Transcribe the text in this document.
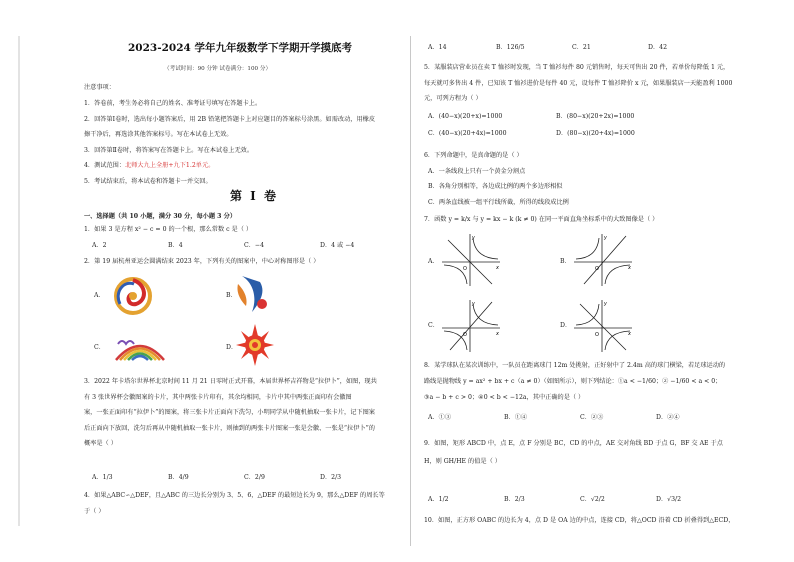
2023-2024 学年九年级数学下学期开学摸底考
（考试时间：90 分钟 试卷满分：100 分）
注意事项：
1．答卷前，考生务必将自己的姓名、准考证号填写在答题卡上。
2．回答第Ⅰ卷时，选出每小题答案后，用 2B 铅笔把答题卡上对应题目的答案标号涂黑。如需改动，用橡皮
擦干净后，再选涂其他答案标号。写在本试卷上无效。
3．回答第Ⅱ卷时，将答案写在答题卡上。写在本试卷上无效。
4．测试范围：北师大九上全册+九下1.2单元。
5．考试结束后，将本试卷和答题卡一并交回。
第 Ⅰ 卷
一、选择题（共 10 小题，满分 30 分，每小题 3 分）
1．如果 3 是方程 x² − c = 0 的一个根，那么常数 c 是（ ）
A．2	B．4	C．−4	D．4 或 −4
2．第 19 届杭州亚运会圆满结束 2023 年，下列有关的图案中，中心对称图形是（ ）
A．	B．
C．	D．
3．2022 年卡塔尔世界杯北京时间 11 月 21 日零时正式开幕，本届世界杯吉祥物是“拉伊卜”，如图，现共
有 3 张世界杯会徽图案的卡片，其中两张卡片印有，其余均相同，卡片中其中两张正面印有会徽图
案，一张正面印有“拉伊卜”的图案，将三张卡片正面向下洗匀，小明同学从中随机抽取一张卡片，记下图案
后正面向下放回，洗匀后再从中随机抽取一张卡片，则抽到的两张卡片图案一张是会徽、一张是“拉伊卜”的
概率是（ ）
A．1/3	B．4/9	C．2/9	D．2/3
4．如果△ABC∽△DEF，且△ABC 的三边长分别为 3、5、6，△DEF 的最短边长为 9，那么△DEF 的周长等
于（ ）
A．14	B．126/5	C．21	D．42
5．某服装店营业员在卖 T 恤衫时发现，当 T 恤衫每件 80 元销售时，每天可售出 20 件，若单价每降低 1 元，
每天就可多售出 4 件，已知该 T 恤衫进价是每件 40 元，设每件 T 恤衫降价 x 元，如果服装店一天能盈利 1000
元，可列方程为（ ）
A．(40−x)(20+x)=1000	B．(80−x)(20+2x)=1000
C．(40−x)(20+4x)=1000	D．(80−x)(20+4x)=1000
6．下列命题中，是真命题的是（ ）
A．一条线段上只有一个黄金分割点
B．各角分别相等，各边成比例的两个多边形相似
C．两条直线被一组平行线所截，所得的线段成比例
7．函数 y = k/x 与 y = kx − k (k ≠ 0) 在同一平面直角坐标系中的大致图像是（ ）
A．	B．
C．	D．
O
y
x	O
y
x
O
y
x	O
y
x
8．某学球队在某次训练中，一队员在距离球门 12m 处挑射，正好射中了 2.4m 高的球门横梁，若足球运动的
路线是抛物线 y = ax² + bx + c（a ≠ 0）（如图所示），则下列结论：①a < −1/60；② −1/60 < a < 0；
③a − b + c > 0；④0 < b < −12a，其中正确的是（ ）
A．①③	B．①④	C．②③	D．②④
9．如图，矩形 ABCD 中，点 E，点 F 分别是 BC，CD 的中点，AE 交对角线 BD 于点 G，BF 交 AE 于点
H，则 GH/HE 的值是（ ）
A．1/2	B．2/3	C．√2/2	D．√3/2
10．如图，正方形 OABC 的边长为 4，点 D 是 OA 边的中点，连接 CD，将△OCD 沿着 CD 折叠得到△ECD，
